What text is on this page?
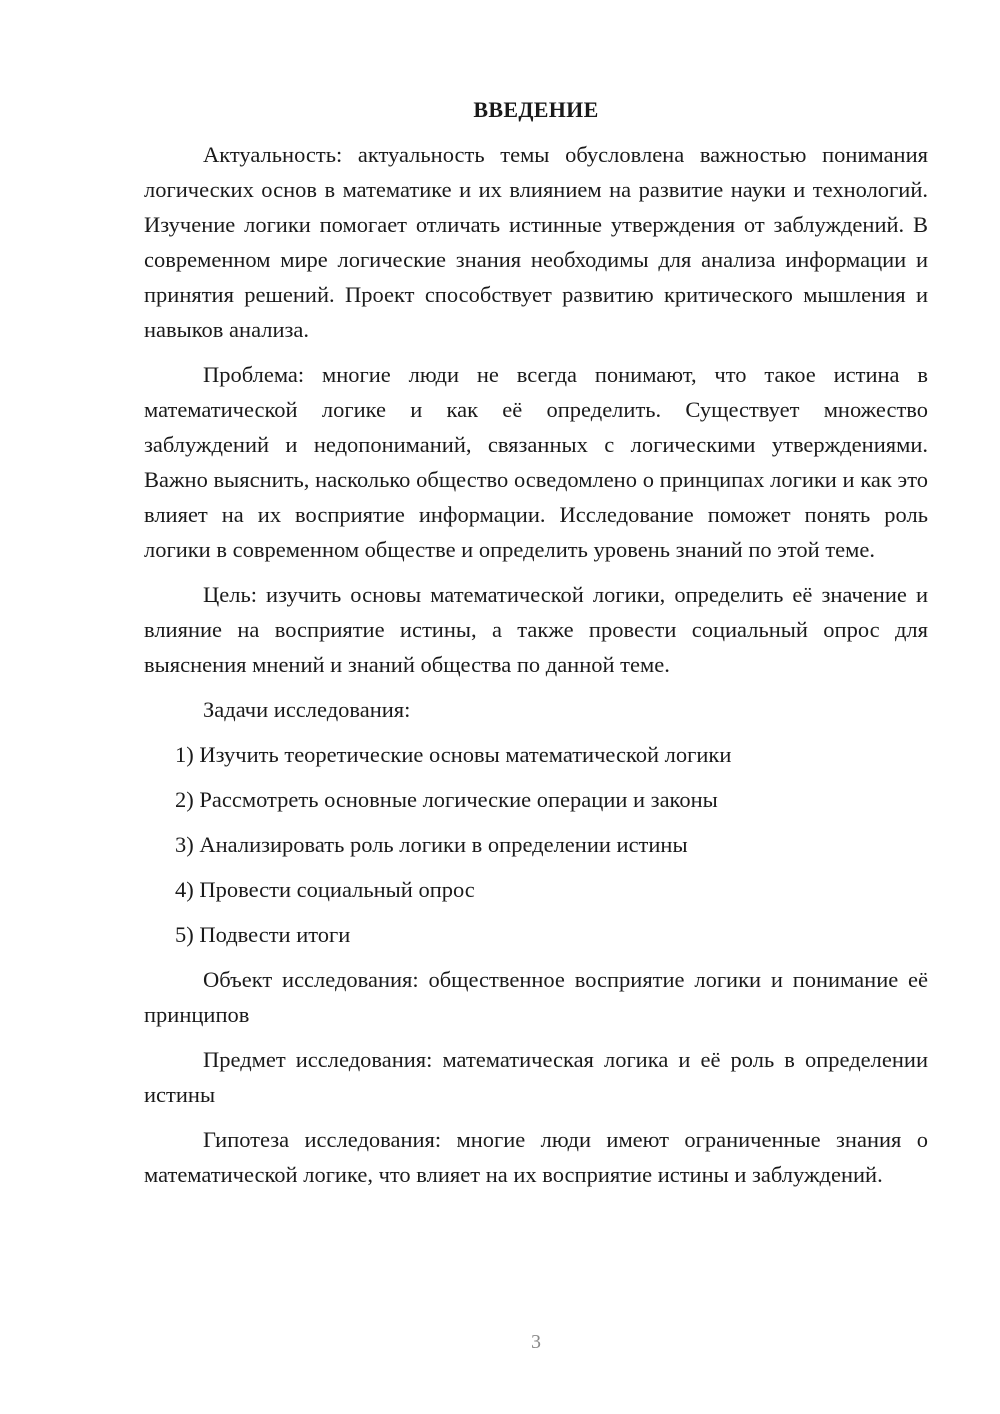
ВВЕДЕНИЕ

Актуальность: актуальность темы обусловлена важностью понимания логических основ в математике и их влиянием на развитие науки и технологий. Изучение логики помогает отличать истинные утверждения от заблуждений. В современном мире логические знания необходимы для анализа информации и принятия решений. Проект способствует развитию критического мышления и навыков анализа.

Проблема: многие люди не всегда понимают, что такое истина в математической логике и как её определить. Существует множество заблуждений и недопониманий, связанных с логическими утверждениями. Важно выяснить, насколько общество осведомлено о принципах логики и как это влияет на их восприятие информации. Исследование поможет понять роль логики в современном обществе и определить уровень знаний по этой теме.

Цель: изучить основы математической логики, определить её значение и влияние на восприятие истины, а также провести социальный опрос для выяснения мнений и знаний общества по данной теме.

Задачи исследования:

1) Изучить теоретические основы математической логики

2) Рассмотреть основные логические операции и законы

3) Анализировать роль логики в определении истины

4) Провести социальный опрос

5) Подвести итоги

Объект исследования: общественное восприятие логики и понимание её принципов

Предмет исследования: математическая логика и её роль в определении истины

Гипотеза исследования: многие люди имеют ограниченные знания о математической логике, что влияет на их восприятие истины и заблуждений.

3
